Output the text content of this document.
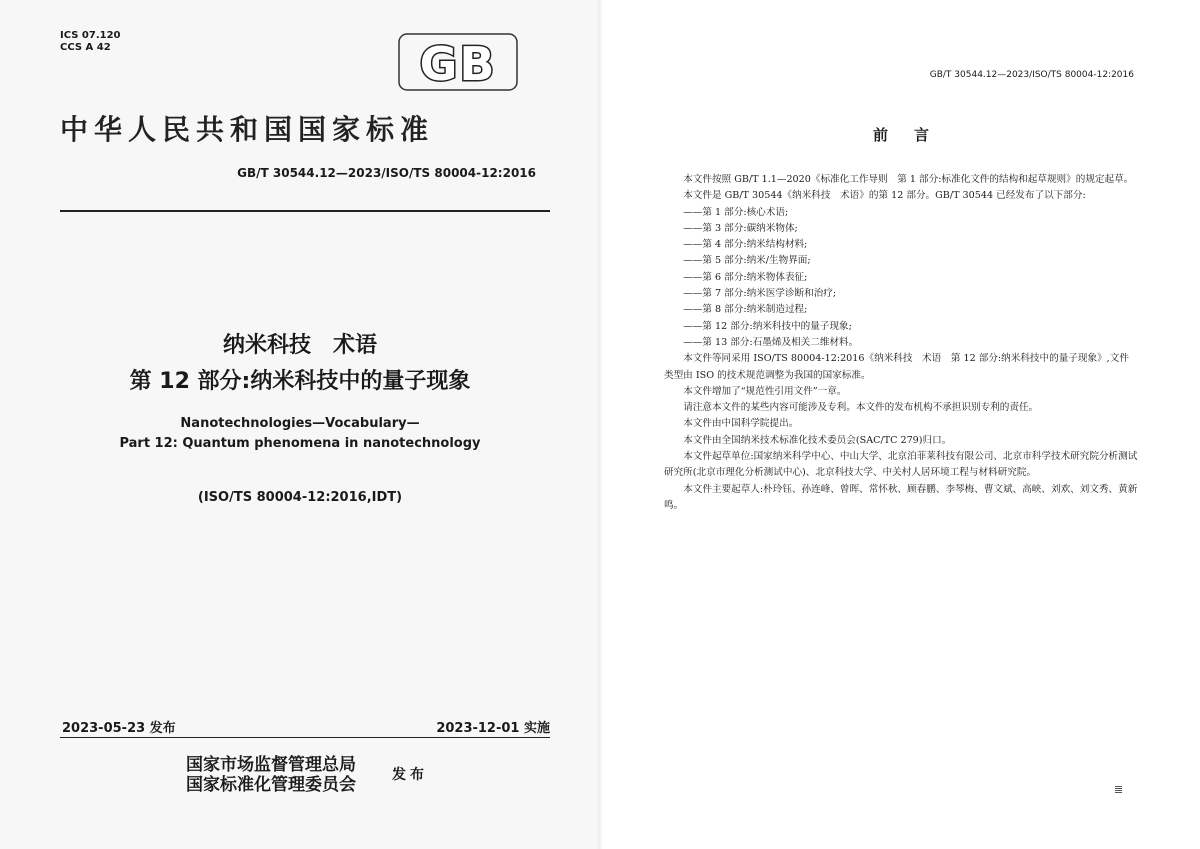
ICS 07.120
CCS A 42	GB
中华人民共和国国家标准
GB/T 30544.12—2023/ISO/TS 80004-12:2016
纳米科技　术语
第 12 部分:纳米科技中的量子现象
Nanotechnologies—Vocabulary—
Part 12: Quantum phenomena in nanotechnology
(ISO/TS 80004-12:2016,IDT)
2023-05-23 发布	2023-12-01 实施
国家市场监督管理总局
国家标准化管理委员会	发布
GB/T 30544.12—2023/ISO/TS 80004-12:2016
前言

本文件按照 GB/T 1.1—2020《标准化工作导则　第 1 部分:标准化文件的结构和起草规则》的规定起草。

本文件是 GB/T 30544《纳米科技　术语》的第 12 部分。GB/T 30544 已经发布了以下部分:

——第 1 部分:核心术语;
——第 3 部分:碳纳米物体;
——第 4 部分:纳米结构材料;
——第 5 部分:纳米/生物界面;
——第 6 部分:纳米物体表征;
——第 7 部分:纳米医学诊断和治疗;
——第 8 部分:纳米制造过程;
——第 12 部分:纳米科技中的量子现象;
——第 13 部分:石墨烯及相关二维材料。

本文件等同采用 ISO/TS 80004-12:2016《纳米科技　术语　第 12 部分:纳米科技中的量子现象》,文件类型由 ISO 的技术规范调整为我国的国家标准。

本文件增加了“规范性引用文件”一章。

请注意本文件的某些内容可能涉及专利。本文件的发布机构不承担识别专利的责任。

本文件由中国科学院提出。

本文件由全国纳米技术标准化技术委员会(SAC/TC 279)归口。

本文件起草单位:国家纳米科学中心、中山大学、北京泊菲莱科技有限公司、北京市科学技术研究院分析测试研究所(北京市理化分析测试中心)、北京科技大学、中关村人居环境工程与材料研究院。

本文件主要起草人:朴玲钰、孙连峰、曾晖、常怀秋、顾春鹏、李琴梅、曹文斌、高峡、刘欢、刘文秀、黄新鸣。
